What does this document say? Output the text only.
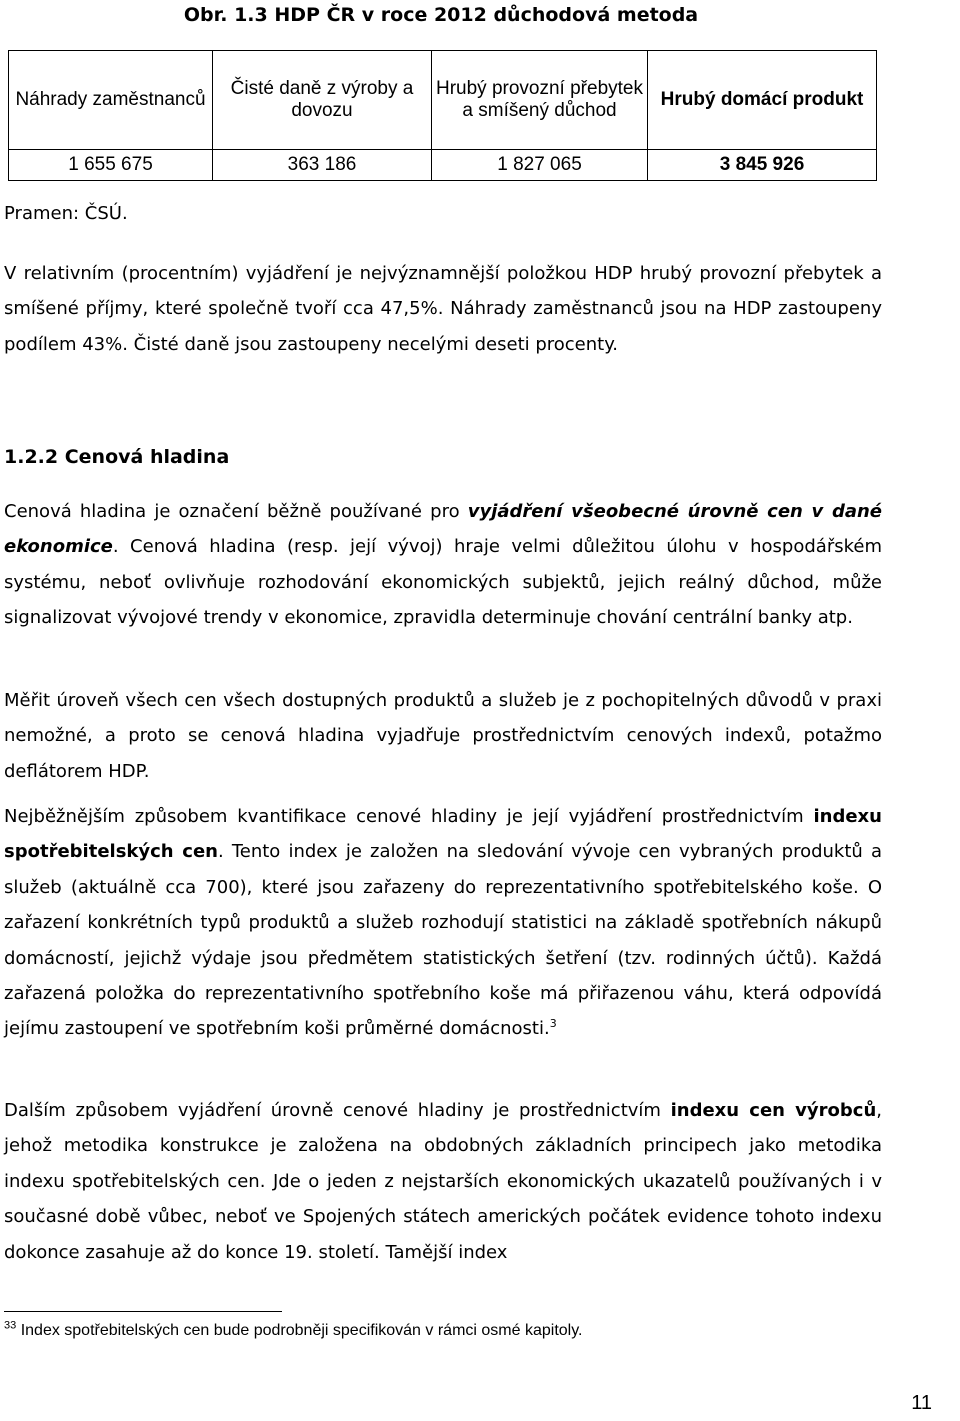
Obr. 1.3 HDP ČR v roce 2012 důchodová metoda
Náhrady zaměstnanců	Čisté daně z výroby a dovozu	Hrubý provozní přebytek a smíšený důchod	Hrubý domácí produkt
1 655 675	363 186	1 827 065	3 845 926
Pramen: ČSÚ.
V relativním (procentním) vyjádření je nejvýznamnější položkou HDP hrubý provozní přebytek a smíšené příjmy, které společně tvoří cca 47,5%. Náhrady zaměstnanců jsou na HDP zastoupeny podílem 43%. Čisté daně jsou zastoupeny necelými deseti procenty.
1.2.2 Cenová hladina
Cenová hladina je označení běžně používané pro vyjádření všeobecné úrovně cen v dané ekonomice. Cenová hladina (resp. její vývoj) hraje velmi důležitou úlohu v hospodářském systému, neboť ovlivňuje rozhodování ekonomických subjektů, jejich reálný důchod, může signalizovat vývojové trendy v ekonomice, zpravidla determinuje chování centrální banky atp.
Měřit úroveň všech cen všech dostupných produktů a služeb je z pochopitelných důvodů v praxi nemožné, a proto se cenová hladina vyjadřuje prostřednictvím cenových indexů, potažmo deflátorem HDP.
Nejběžnějším způsobem kvantifikace cenové hladiny je její vyjádření prostřednictvím indexu spotřebitelských cen. Tento index je založen na sledování vývoje cen vybraných produktů a služeb (aktuálně cca 700), které jsou zařazeny do reprezentativního spotřebitelského koše. O zařazení konkrétních typů produktů a služeb rozhodují statistici na základě spotřebních nákupů domácností, jejichž výdaje jsou předmětem statistických šetření (tzv. rodinných účtů). Každá zařazená položka do reprezentativního spotřebního koše má přiřazenou váhu, která odpovídá jejímu zastoupení ve spotřebním koši průměrné domácnosti.$^3$
Dalším způsobem vyjádření úrovně cenové hladiny je prostřednictvím indexu cen výrobců, jehož metodika konstrukce je založena na obdobných základních principech jako metodika indexu spotřebitelských cen. Jde o jeden z nejstarších ekonomických ukazatelů používaných i v současné době vůbec, neboť ve Spojených státech amerických počátek evidence tohoto indexu dokonce zasahuje až do konce 19. století. Tamější index
$^{33}$ Index spotřebitelských cen bude podrobněji specifikován v rámci osmé kapitoly.
11
